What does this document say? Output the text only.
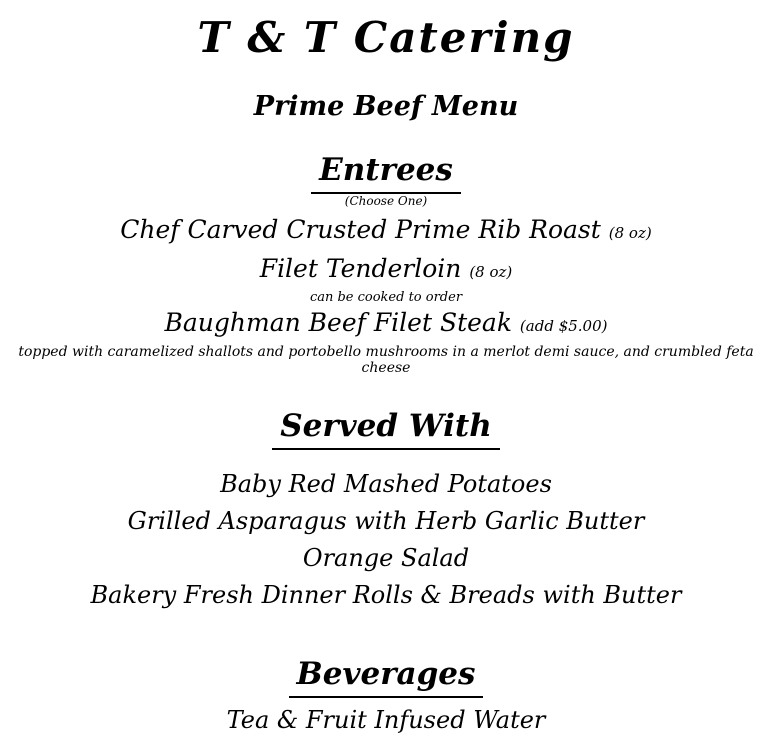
T & T Catering
Prime Beef Menu
Entrees
(Choose One)
Chef Carved Crusted Prime Rib Roast (8 oz)
Filet Tenderloin (8 oz)
can be cooked to order
Baughman Beef Filet Steak (add $5.00)
topped with caramelized shallots and portobello mushrooms in a merlot demi sauce, and crumbled feta cheese
Served With
Baby Red Mashed Potatoes
Grilled Asparagus with Herb Garlic Butter
Orange Salad
Bakery Fresh Dinner Rolls & Breads with Butter
Beverages
Tea & Fruit Infused Water
